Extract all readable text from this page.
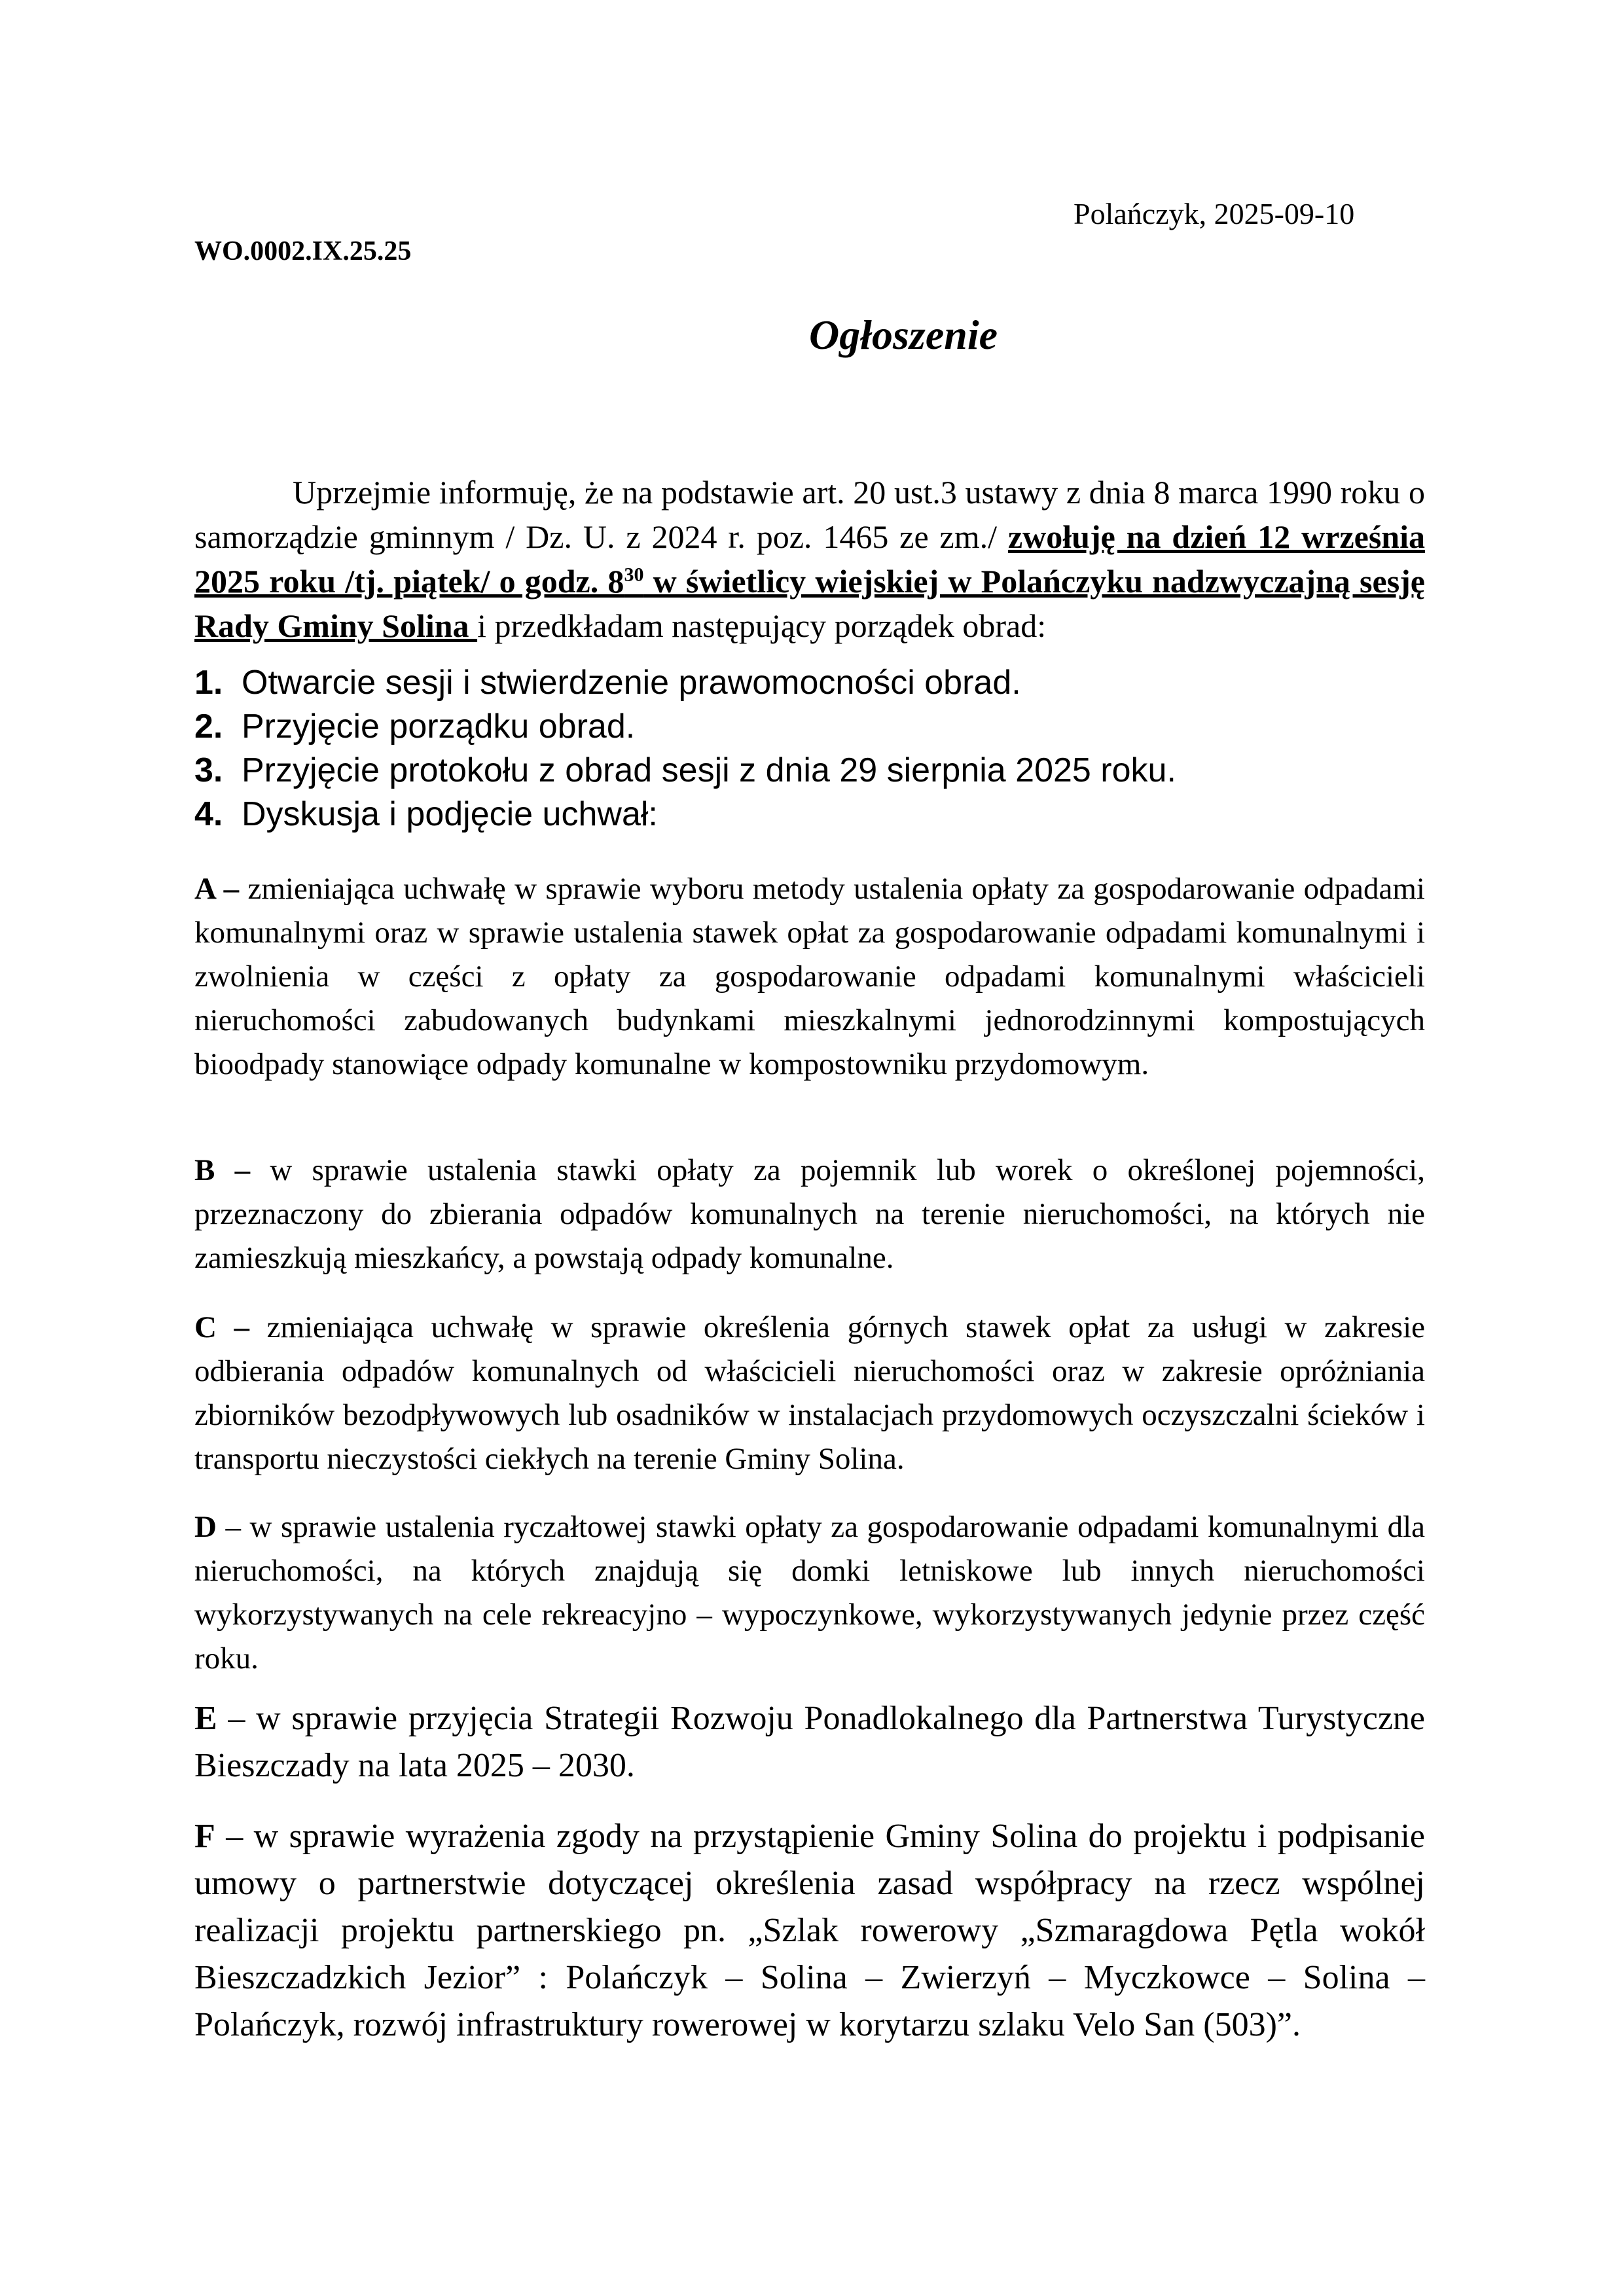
WO.0002.IX.25.25
Polańczyk, 2025-09-10
Ogłoszenie
Uprzejmie informuję, że na podstawie art. 20 ust.3 ustawy z dnia 8 marca 1990 roku o samorządzie gminnym / Dz. U. z 2024 r. poz. 1465 ze zm./ zwołuję na dzień 12 września 2025 roku /tj. piątek/ o godz. $8^{30}$ w świetlicy wiejskiej w Polańczyku nadzwyczajną sesję Rady Gminy Solina i przedkładam następujący porządek obrad:
1. Otwarcie sesji i stwierdzenie prawomocności obrad.
2. Przyjęcie porządku obrad.
3. Przyjęcie protokołu z obrad sesji z dnia 29 sierpnia 2025 roku.
4. Dyskusja i podjęcie uchwał:
A – zmieniająca uchwałę w sprawie wyboru metody ustalenia opłaty za gospodarowanie odpadami komunalnymi oraz w sprawie ustalenia stawek opłat za gospodarowanie odpadami komunalnymi i zwolnienia w części z opłaty za gospodarowanie odpadami komunalnymi właścicieli nieruchomości zabudowanych budynkami mieszkalnymi jednorodzinnymi kompostujących bioodpady stanowiące odpady komunalne w kompostowniku przydomowym.
B – w sprawie ustalenia stawki opłaty za pojemnik lub worek o określonej pojemności, przeznaczony do zbierania odpadów komunalnych na terenie nieruchomości, na których nie zamieszkują mieszkańcy, a powstają odpady komunalne.
C – zmieniająca uchwałę w sprawie określenia górnych stawek opłat za usługi w zakresie odbierania odpadów komunalnych od właścicieli nieruchomości oraz w zakresie opróżniania zbiorników bezodpływowych lub osadników w instalacjach przydomowych oczyszczalni ścieków i transportu nieczystości ciekłych na terenie Gminy Solina.
D – w sprawie ustalenia ryczałtowej stawki opłaty za gospodarowanie odpadami komunalnymi dla nieruchomości, na których znajdują się domki letniskowe lub innych nieruchomości wykorzystywanych na cele rekreacyjno – wypoczynkowe, wykorzystywanych jedynie przez część roku.
E – w sprawie przyjęcia Strategii Rozwoju Ponadlokalnego dla Partnerstwa Turystyczne Bieszczady na lata 2025 – 2030.
F – w sprawie wyrażenia zgody na przystąpienie Gminy Solina do projektu i podpisanie umowy o partnerstwie dotyczącej określenia zasad współpracy na rzecz wspólnej realizacji projektu partnerskiego pn. „Szlak rowerowy „Szmaragdowa Pętla wokół Bieszczadzkich Jezior” : Polańczyk – Solina – Zwierzyń – Myczkowce – Solina – Polańczyk, rozwój infrastruktury rowerowej w korytarzu szlaku Velo San (503)”.
